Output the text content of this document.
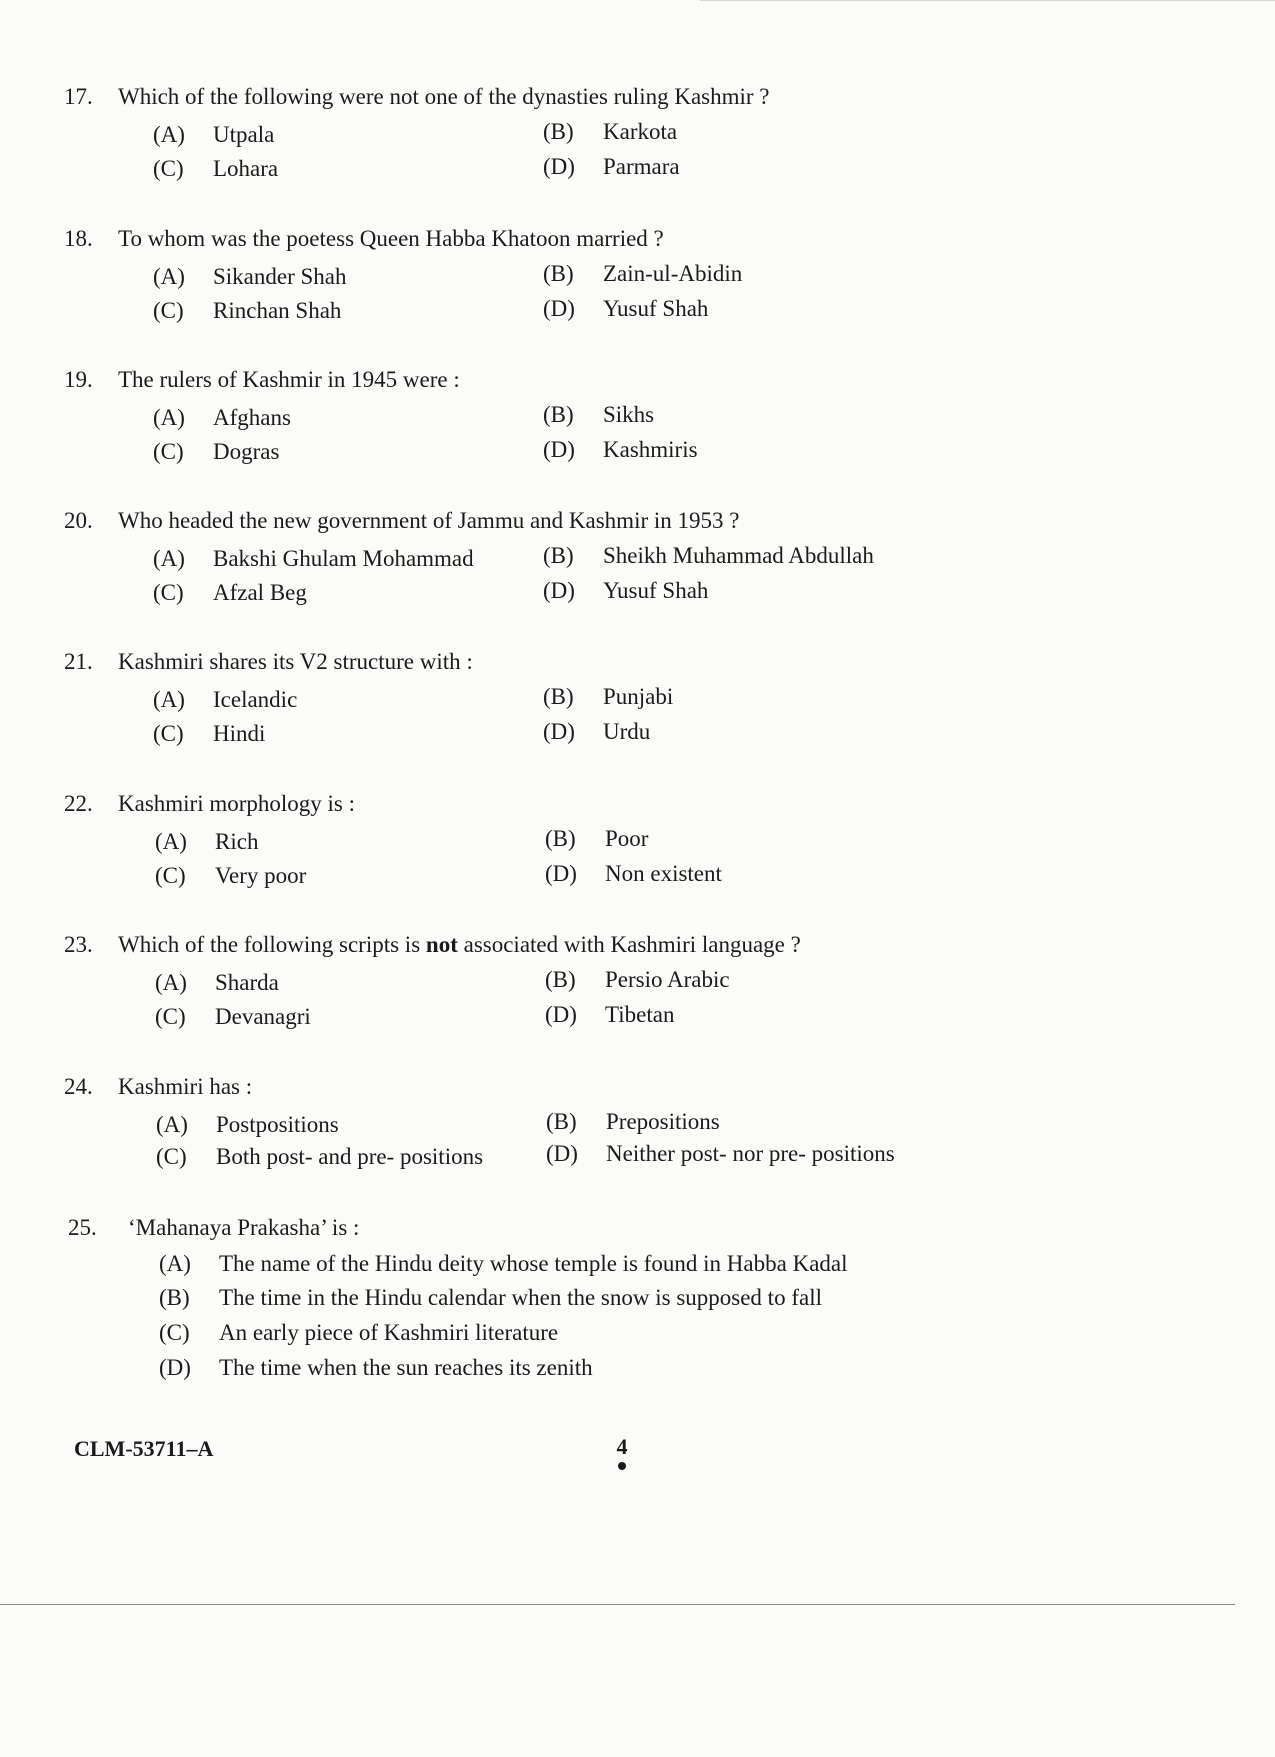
17. Which of the following were not one of the dynasties ruling Kashmir ?
(A) Utpala	(B) Karkota
(C) Lohara	(D) Parmara
18. To whom was the poetess Queen Habba Khatoon married ?
(A) Sikander Shah	(B) Zain-ul-Abidin
(C) Rinchan Shah	(D) Yusuf Shah
19. The rulers of Kashmir in 1945 were :
(A) Afghans	(B) Sikhs
(C) Dogras	(D) Kashmiris
20. Who headed the new government of Jammu and Kashmir in 1953 ?
(A) Bakshi Ghulam Mohammad	(B) Sheikh Muhammad Abdullah
(C) Afzal Beg	(D) Yusuf Shah
21. Kashmiri shares its V2 structure with :
(A) Icelandic	(B) Punjabi
(C) Hindi	(D) Urdu
22. Kashmiri morphology is :
(A) Rich	(B) Poor
(C) Very poor	(D) Non existent
23. Which of the following scripts is not associated with Kashmiri language ?
(A) Sharda	(B) Persio Arabic
(C) Devanagri	(D) Tibetan
24. Kashmiri has :
(A) Postpositions	(B) Prepositions
(C) Both post- and pre- positions	(D) Neither post- nor pre- positions
25. ‘Mahanaya Prakasha’ is :
(A) The name of the Hindu deity whose temple is found in Habba Kadal
(B) The time in the Hindu calendar when the snow is supposed to fall
(C) An early piece of Kashmiri literature
(D) The time when the sun reaches its zenith
CLM-53711–A	4
